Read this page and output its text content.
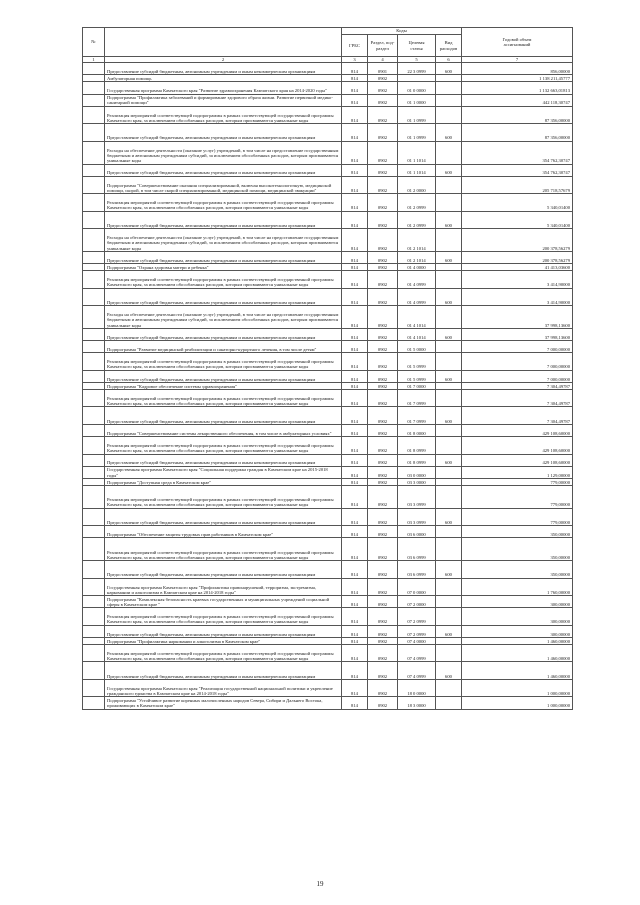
№		Коды				Годовой объем
ассигнований
		ГРБС	Раздел, под-
раздел	Целевая
статья	Вид
расходов	
1	2	3	4	5	6	7
	Предоставление субсидий бюджетным, автономным учреждениям и иным некоммерческим организациям	814	0901	22 3 0999	600	856,00000
	Амбулаторная помощь	814	0902			1 138 211,45777
	Государственная программа Камчатского края "Развитие здравоохранения Камчатского края на 2014-2020 годы"	814	0902	01 0 0000		1 132 663,01813
	Подпрограмма "Профилактика заболеваний и формирование здорового образа жизни. Развитие первичной медико-санитарной помощи"	814	0902	01 1 0000		442 118,30747
	Реализация мероприятий соответствующей подпрограммы в рамках соответствующей государственной программы Камчатского края, за исключением обособленных расходов, которым присваиваются уникальные коды	814	0902	01 1 0999		87 356,00000
	Предоставление субсидий бюджетным, автономным учреждениям и иным некоммерческим организациям	814	0902	01 1 0999	600	87 356,00000
	Расходы на обеспечение деятельности (оказание услуг) учреждений, в том числе на предоставление государственным бюджетным и автономным учреждениям субсидий, за исключением обособленных расходов, которым присваиваются уникальные коды	814	0902	01 1 1014		354 762,30747
	Предоставление субсидий бюджетным, автономным учреждениям и иным некоммерческим организациям	814	0902	01 1 1014	600	354 762,30747
	Подпрограмма "Совершенствование оказания специализированной, включая высокотехнологичную, медицинской помощи, скорой, в том числе скорой специализированной, медицинской помощи, медицинской эвакуации"	814	0902	01 2 0000		205 718,57679
	Реализация мероприятий соответствующей подпрограммы в рамках соответствующей государственной программы Камчатского края, за исключением обособленных расходов, которым присваиваются уникальные коды	814	0902	01 2 0999		5 340,01400
	Предоставление субсидий бюджетным, автономным учреждениям и иным некоммерческим организациям	814	0902	01 2 0999	600	5 340,01400
	Расходы на обеспечение деятельности (оказание услуг) учреждений, в том числе на предоставление государственным бюджетным и автономным учреждениям субсидий, за исключением обособленных расходов, которым присваиваются уникальные коды	814	0902	01 2 1014		200 378,56279
	Предоставление субсидий бюджетным, автономным учреждениям и иным некоммерческим организациям	814	0902	01 2 1014	600	200 378,56279
	Подпрограмма "Охрана здоровья матери и ребенка"	814	0902	01 4 0000		41 413,03600
	Реализация мероприятий соответствующей подпрограммы в рамках соответствующей государственной программы Камчатского края, за исключением обособленных расходов, которым присваиваются уникальные коды	814	0902	01 4 0999		3 414,90000
	Предоставление субсидий бюджетным, автономным учреждениям и иным некоммерческим организациям	814	0902	01 4 0999	600	3 414,90000
	Расходы на обеспечение деятельности (оказание услуг) учреждений, в том числе на предоставление государственным бюджетным и автономным учреждениям субсидий, за исключением обособленных расходов, которым присваиваются уникальные коды	814	0902	01 4 1014		37 998,13600
	Предоставление субсидий бюджетным, автономным учреждениям и иным некоммерческим организациям	814	0902	01 4 1014	600	37 998,13600
	Подпрограмма "Развитие медицинской реабилитации и санаторно-курортного лечения, в том числе детям"	814	0902	01 5 0000		7 000,00000
	Реализация мероприятий соответствующей подпрограммы в рамках соответствующей государственной программы Камчатского края, за исключением обособленных расходов, которым присваиваются уникальные коды	814	0902	01 5 0999		7 000,00000
	Предоставление субсидий бюджетным, автономным учреждениям и иным некоммерческим организациям	814	0902	01 5 0999	600	7 000,00000
	Подпрограмма "Кадровое обеспечение системы здравоохранения"	814	0902	01 7 0000		7 304,49787
	Реализация мероприятий соответствующей подпрограммы в рамках соответствующей государственной программы Камчатского края, за исключением обособленных расходов, которым присваиваются уникальные коды	814	0902	01 7 0999		7 304,49787
	Предоставление субсидий бюджетным, автономным учреждениям и иным некоммерческим организациям	814	0902	01 7 0999	600	7 304,49787
	Подпрограмма "Совершенствование системы лекарственного обеспечения, в том числе в амбулаторных условиях"	814	0902	01 8 0000		429 108,60000
	Реализация мероприятий соответствующей подпрограммы в рамках соответствующей государственной программы Камчатского края, за исключением обособленных расходов, которым присваиваются уникальные коды	814	0902	01 8 0999		429 108,60000
	Предоставление субсидий бюджетным, автономным учреждениям и иным некоммерческим организациям	814	0902	01 8 0999	600	429 108,60000
	Государственная программа Камчатского края "Социальная поддержка граждан в Камчатском крае на 2015-2018 годы"	814	0902	03 0 0000		1 129,00000
	Подпрограмма "Доступная среда в Камчатском крае"	814	0902	03 3 0000		779,00000
	Реализация мероприятий соответствующей подпрограммы в рамках соответствующей государственной программы Камчатского края, за исключением обособленных расходов, которым присваиваются уникальные коды	814	0902	03 3 0999		779,00000
	Предоставление субсидий бюджетным, автономным учреждениям и иным некоммерческим организациям	814	0902	03 3 0999	600	779,00000
	Подпрограмма "Обеспечение защиты трудовых прав работников в Камчатском крае"	814	0902	03 6 0000		350,00000
	Реализация мероприятий соответствующей подпрограммы в рамках соответствующей государственной программы Камчатского края, за исключением обособленных расходов, которым присваиваются уникальные коды	814	0902	03 6 0999		350,00000
	Предоставление субсидий бюджетным, автономным учреждениям и иным некоммерческим организациям	814	0902	03 6 0999	600	350,00000
	Государственная программа Камчатского края "Профилактика правонарушений, терроризма, экстремизма, наркомании и алкоголизма в Камчатском крае на 2014-2018 годы"	814	0902	07 0 0000		1 760,00000
	Подпрограмма "Комплексная безопасность краевых государственных и муниципальных учреждений социальной сферы в Камчатском крае "	814	0902	07 2 0000		300,00000
	Реализация мероприятий соответствующей подпрограммы в рамках соответствующей государственной программы Камчатского края, за исключением обособленных расходов, которым присваиваются уникальные коды	814	0902	07 2 0999		300,00000
	Предоставление субсидий бюджетным, автономным учреждениям и иным некоммерческим организациям	814	0902	07 2 0999	600	300,00000
	Подпрограмма "Профилактика наркомании и алкоголизма в Камчатском крае"	814	0902	07 4 0000		1 460,00000
	Реализация мероприятий соответствующей подпрограммы в рамках соответствующей государственной программы Камчатского края, за исключением обособленных расходов, которым присваиваются уникальные коды	814	0902	07 4 0999		1 460,00000
	Предоставление субсидий бюджетным, автономным учреждениям и иным некоммерческим организациям	814	0902	07 4 0999	600	1 460,00000
	Государственная программа Камчатского края "Реализация государственной национальной политики и укрепление гражданского единства в Камчатском крае на 2014-2018 годы"	814	0902	18 0 0000		1 000,00000
	Подпрограмма "Устойчивое развитие коренных малочисленных народов Севера, Сибири и Дальнего Востока, проживающих в Камчатском крае"	814	0902	18 3 0000		1 000,00000
19
